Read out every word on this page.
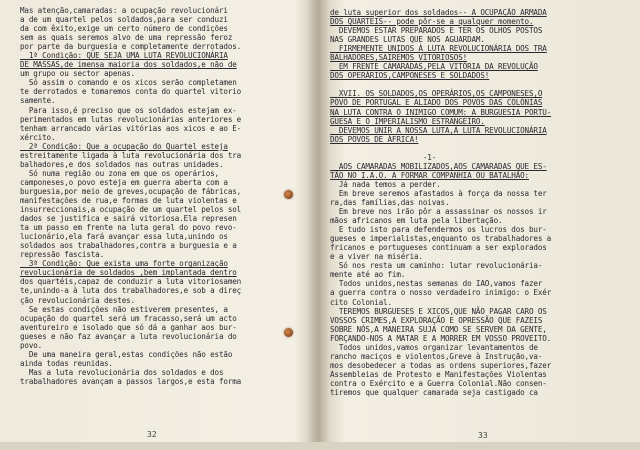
Mas atenção,camaradas: a ocupação revolucionári
a de um quartel pelos soldados,para ser conduzi
da com êxito,exige um certo número de condições
sem as quais seremos alvo de uma repressão feroz
por parte da burguesia e completamente derrotados.
1ª Condição: QUE SEJA UMA LUTA REVOLUCIONÁRIA
DE MASSAS,de imensa maioria dos soldados,e não de
um grupo ou sector apenas.
Só assim o comando e os xicos serão completamen
te derrotados e tomaremos conta do quartel vitorio
samente.
Para isso,é preciso que os soldados estejam ex-
perimentados em lutas revolucionárias anteriores e
tenham arrancado várias vitórias aos xicos e ao E-
xército.
2ª Condição: Que a ocupação do Quartel esteja
estreitamente ligada à luta revolucionária dos tra
balhadores,e dos soldados nas outras unidades.
Só numa região ou zona em que os operários,
camponeses,o povo esteja em guerra aberta com a
burguesia,por meio de greves,ocupação de fábricas,
manifestações de rua,e formas de luta violentas e
insurreccionais,a ocupação de um quartel pelos sol
dados se justifica e sairá vitoriosa.Ela represen
ta um passo em frente na luta geral do povo revo-
lucionário,ela fará avançar essa luta,unindo os
soldados aos trabalhadores,contra a burguesia e a
repressão fascista.
3ª Condição: Que exista uma forte organização
revolucionária de soldados ,bem implantada dentro
dos quartéis,capaz de conduzir a luta vitoriosamen
te,unindo-a à luta dos trabalhadores,e sob a direç
ção revolucionária destes.
Se estas condições não estiverem presentes, a
ocupação do quartel será um fracasso,será um acto
aventureiro e isolado que só dá a ganhar aos bur-
gueses e não faz avançar a luta revolucionária do
povo.
De uma maneira geral,estas condições não estão
ainda todas reunidas.
Mas a luta revolucionária dos soldados e dos
trabalhadores avançam a passos largos,e esta forma
de luta superior dos soldados-- A OCUPAÇÃO ARMADA
DOS QUARTEIS-- pode pôr-se a qualquer momento.
DEVEMOS ESTAR PREPARADOS E TER OS OLHOS POSTOS
NAS GRANDES LUTAS QUE NOS AGUARDAM.
FIRMEMENTE UNIDOS À LUTA REVOLUCIONÁRIA DOS TRA
BALHADORES,SAIREMOS VITORIOSOS!
EM FRENTE CAMARADAS,PELA VITÓRIA DA REVOLUÇÃO
DOS OPERÁRIOS,CAMPONESES E SOLDADOS!

XVII. OS SOLDADOS,OS OPERÁRIOS,OS CAMPONESES,O
POVO DE PORTUGAL E ALIADO DOS POVOS DAS COLÓNIAS
NA LUTA CONTRA O INIMIGO COMUM: A BURGUESIA PORTU-
GUESA E O IMPERIALISMO ESTRANGEIRO.
DEVEMOS UNIR A NOSSA LUTA,À LUTA REVOLUCIONÁRIA
DOS POVOS DE ÁFRICA!

-1-
AOS CAMARADAS MOBILIZADOS,AOS CAMARADAS QUE ES-
TÃO NO I.A.O. A FORMAR COMPANHIA OU BATALHÃO:
Já nada temos a perder.
Em breve seremos afastados à força da nossa ter
ra,das famílias,das noivas.
Em breve nos irão pôr a assassinar os nossos ir
mãos africanos em luta pela libertação.
E tudo isto para defendermos os lucros dos bur-
gueses e imperialistas,enquanto os trabalhadores a
fricanos e portugueses continuam a ser explorados
e a viver na miséria.
Só nos resta um caminho: lutar revolucionária-
mente até ao fim.
Todos unidos,nestas semanas do IAO,vamos fazer
a guerra contra o nosso verdadeiro inimigo: o Exér
cito Colonial.
TEREMOS BURGUESES E XICOS,QUE NÃO PAGAR CARO OS
VOSSOS CRIMES,A EXPLORAÇÃO E OPRESSÃO QUE FAZEIS
SOBRE NÓS,A MANEIRA SUJA COMO SE SERVEM DA GENTE,
FORÇANDO-NOS A MATAR E A MORRER EM VOSSO PROVEITO.
Todos unidos,vamos organizar levantamentos de
rancho maciços e violentos,Greve à Instrução,va-
mos desobedecer a todas as ordens superiores,fazer
Assembleias de Protesto e Manifestações Violentas
contra o Exército e a Guerra Colonial.Não consen-
tiremos que qualquer camarada seja castigado ca
32	33
